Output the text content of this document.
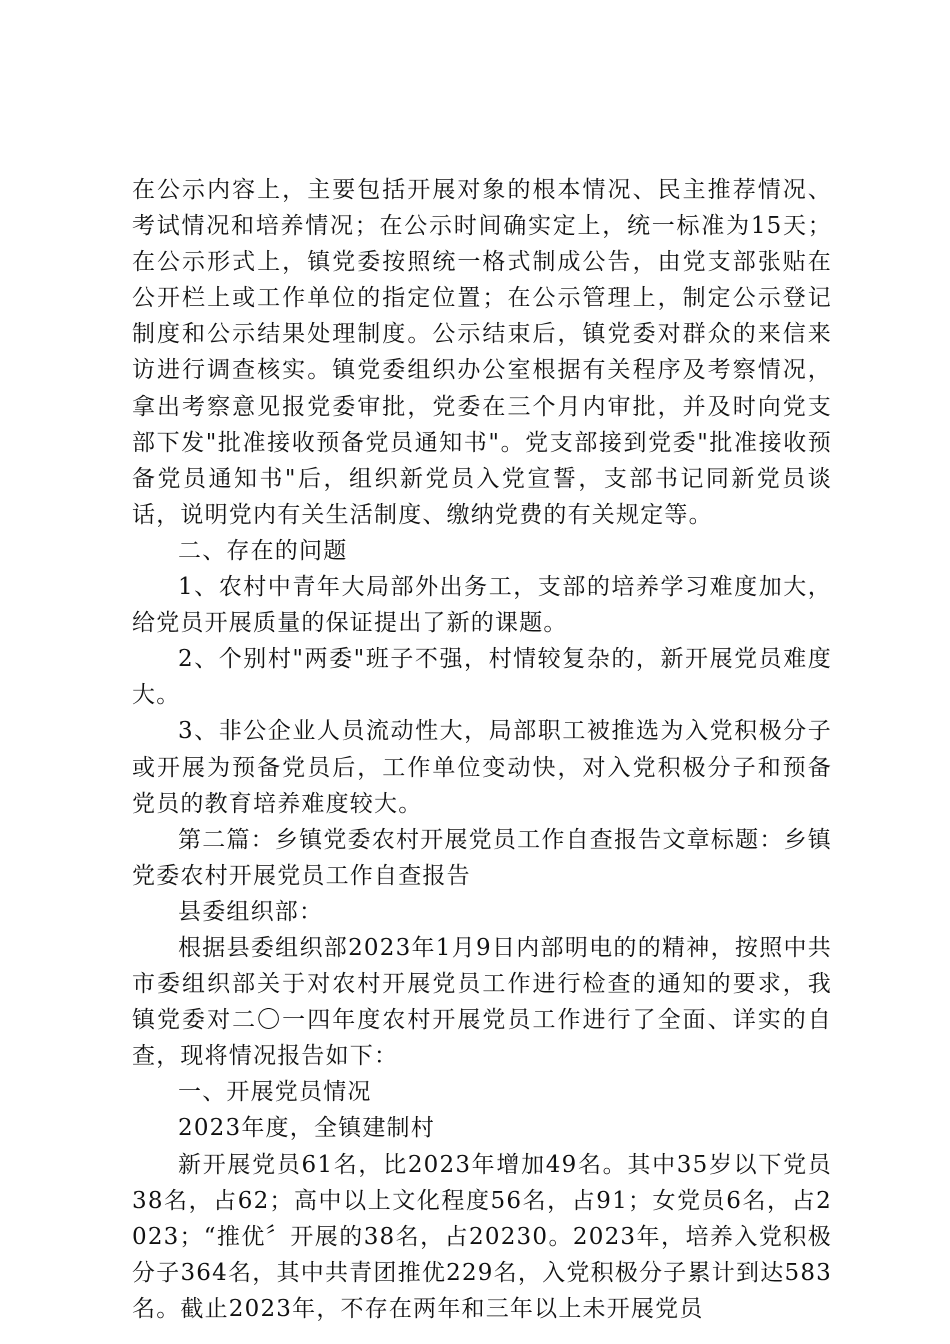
在公示内容上，主要包括开展对象的根本情况、民主推荐情况、考试情况和培养情况；在公示时间确实定上，统一标准为15天；在公示形式上，镇党委按照统一格式制成公告，由党支部张贴在公开栏上或工作单位的指定位置；在公示管理上，制定公示登记制度和公示结果处理制度。公示结束后，镇党委对群众的来信来访进行调查核实。镇党委组织办公室根据有关程序及考察情况，拿出考察意见报党委审批，党委在三个月内审批，并及时向党支部下发"批准接收预备党员通知书"。党支部接到党委"批准接收预备党员通知书"后，组织新党员入党宣誓，支部书记同新党员谈话，说明党内有关生活制度、缴纳党费的有关规定等。

二、存在的问题

1、农村中青年大局部外出务工，支部的培养学习难度加大，给党员开展质量的保证提出了新的课题。

2、个别村"两委"班子不强，村情较复杂的，新开展党员难度大。

3、非公企业人员流动性大，局部职工被推选为入党积极分子或开展为预备党员后，工作单位变动快，对入党积极分子和预备党员的教育培养难度较大。

第二篇：乡镇党委农村开展党员工作自查报告文章标题：乡镇党委农村开展党员工作自查报告

县委组织部：

根据县委组织部2023年1月9日内部明电的的精神，按照中共市委组织部关于对农村开展党员工作进行检查的通知的要求，我镇党委对二〇一四年度农村开展党员工作进行了全面、详实的自查，现将情况报告如下：

一、开展党员情况

2023年度，全镇建制村

新开展党员61名，比2023年增加49名。其中35岁以下党员38名，占62；高中以上文化程度56名，占91；女党员6名，占2023；“推优〞开展的38名，占20230。2023年，培养入党积极分子364名，其中共青团推优229名，入党积极分子累计到达583名。截止2023年，不存在两年和三年以上未开展党员
